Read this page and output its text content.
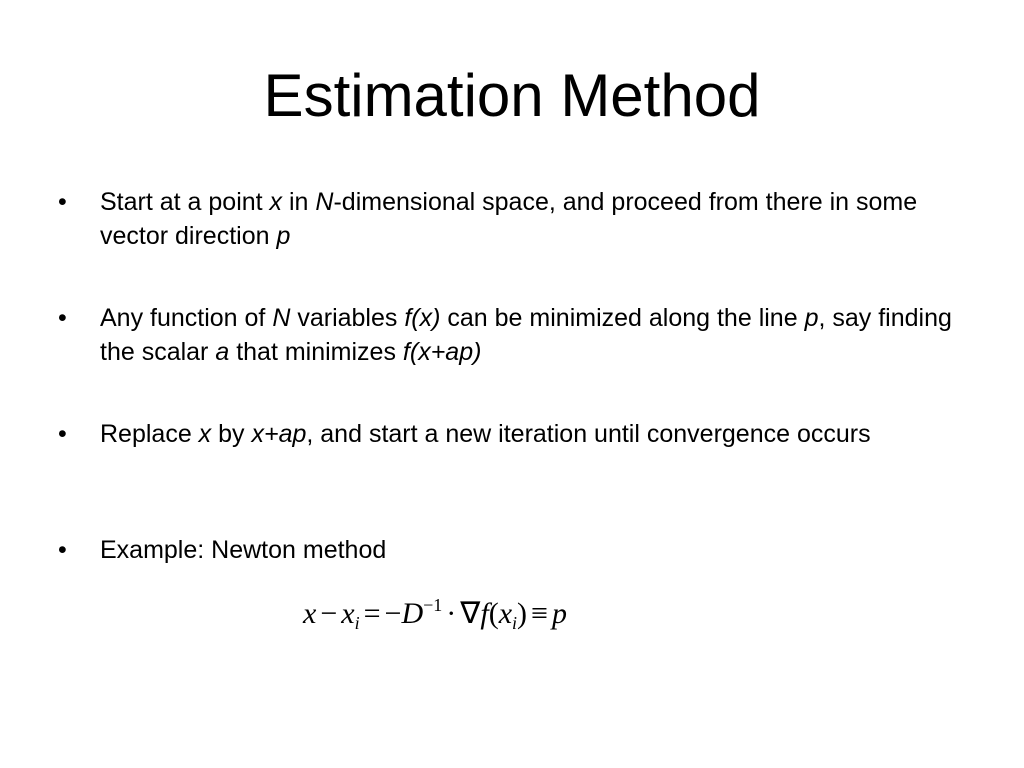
Estimation Method
•	Start at a point x in N-dimensional space, and proceed from there in some vector direction p
•	Any function of N variables f(x) can be minimized along the line p, say finding the scalar a that minimizes f(x+ap)
•	Replace x by x+ap, and start a new iteration until convergence occurs
•	Example: Newton method
$x - x_i = -D^{-1} \cdot \nabla f(x_i) \equiv p$
